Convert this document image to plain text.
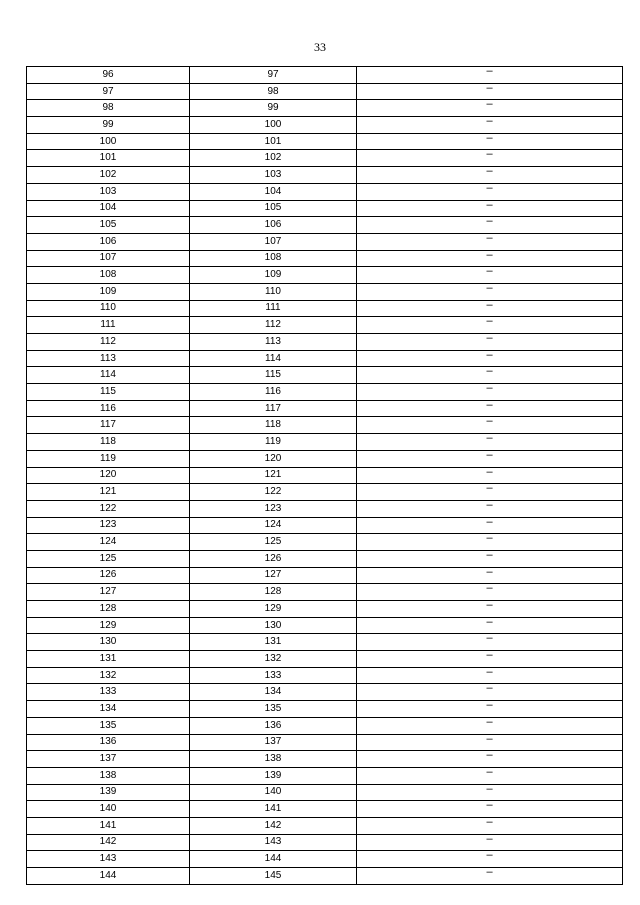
33
96	97	–
97	98	–
98	99	–
99	100	–
100	101	–
101	102	–
102	103	–
103	104	–
104	105	–
105	106	–
106	107	–
107	108	–
108	109	–
109	110	–
110	111	–
111	112	–
112	113	–
113	114	–
114	115	–
115	116	–
116	117	–
117	118	–
118	119	–
119	120	–
120	121	–
121	122	–
122	123	–
123	124	–
124	125	–
125	126	–
126	127	–
127	128	–
128	129	–
129	130	–
130	131	–
131	132	–
132	133	–
133	134	–
134	135	–
135	136	–
136	137	–
137	138	–
138	139	–
139	140	–
140	141	–
141	142	–
142	143	–
143	144	–
144	145	–
